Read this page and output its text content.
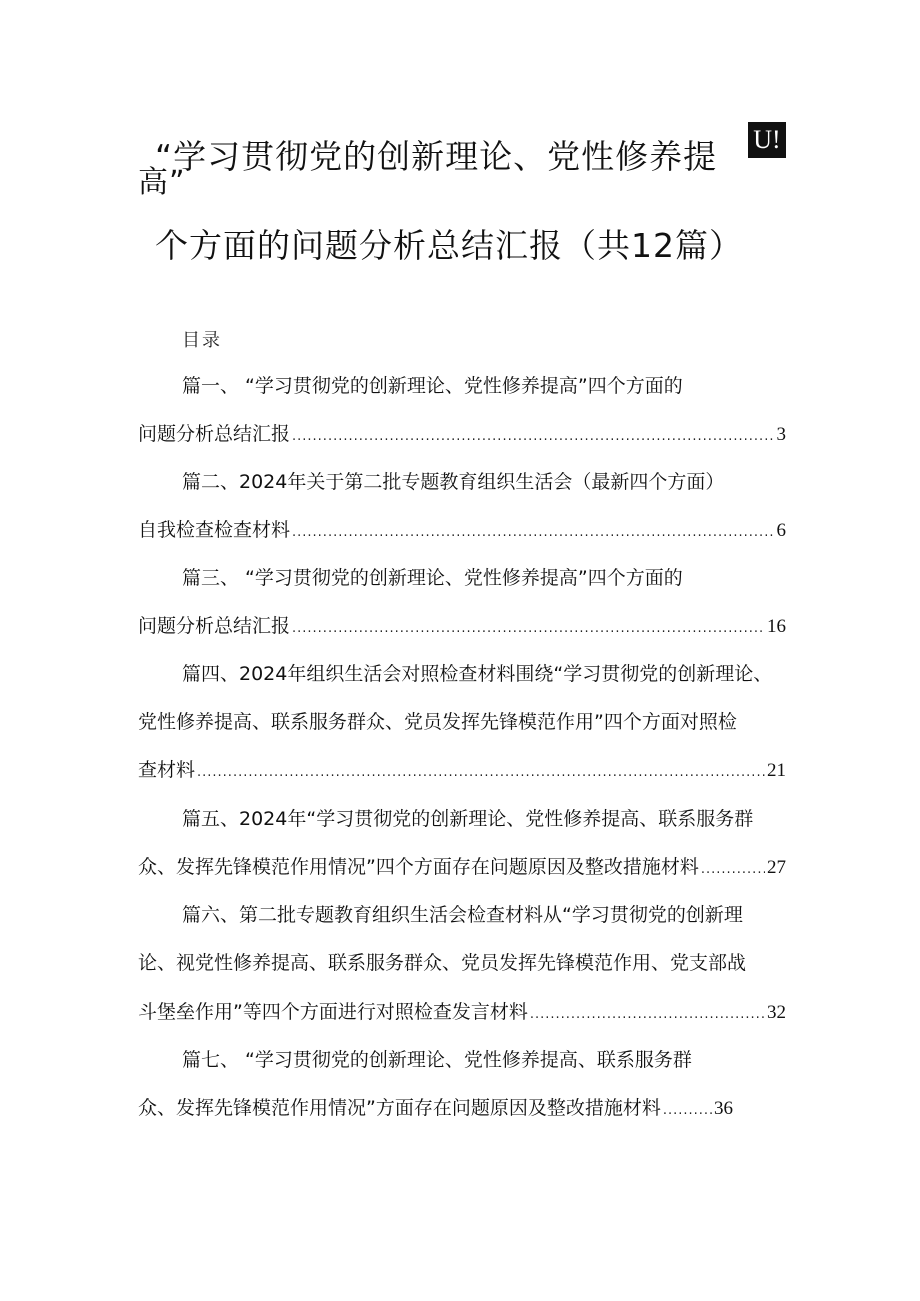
U!
“学习贯彻党的创新理论、党性修养提
高”
个方面的问题分析总结汇报（共12篇）
目录
篇一、 “学习贯彻党的创新理论、党性修养提高”四个方面的
问题分析总结汇报 .....	3
篇二、2024年关于第二批专题教育组织生活会（最新四个方面）
自我检查检查材料 .....	6
篇三、 “学习贯彻党的创新理论、党性修养提高”四个方面的
问题分析总结汇报 .....	16
篇四、2024年组织生活会对照检查材料围绕“学习贯彻党的创新理论、
党性修养提高、联系服务群众、党员发挥先锋模范作用”四个方面对照检
查材料 .....	21
篇五、2024年“学习贯彻党的创新理论、党性修养提高、联系服务群
众、发挥先锋模范作用情况”四个方面存在问题原因及整改措施材料 .....	27
篇六、第二批专题教育组织生活会检查材料从“学习贯彻党的创新理
论、视党性修养提高、联系服务群众、党员发挥先锋模范作用、党支部战
斗堡垒作用”等四个方面进行对照检查发言材料 .....	32
篇七、 “学习贯彻党的创新理论、党性修养提高、联系服务群
众、发挥先锋模范作用情况”方面存在问题原因及整改措施材料 .....	36
